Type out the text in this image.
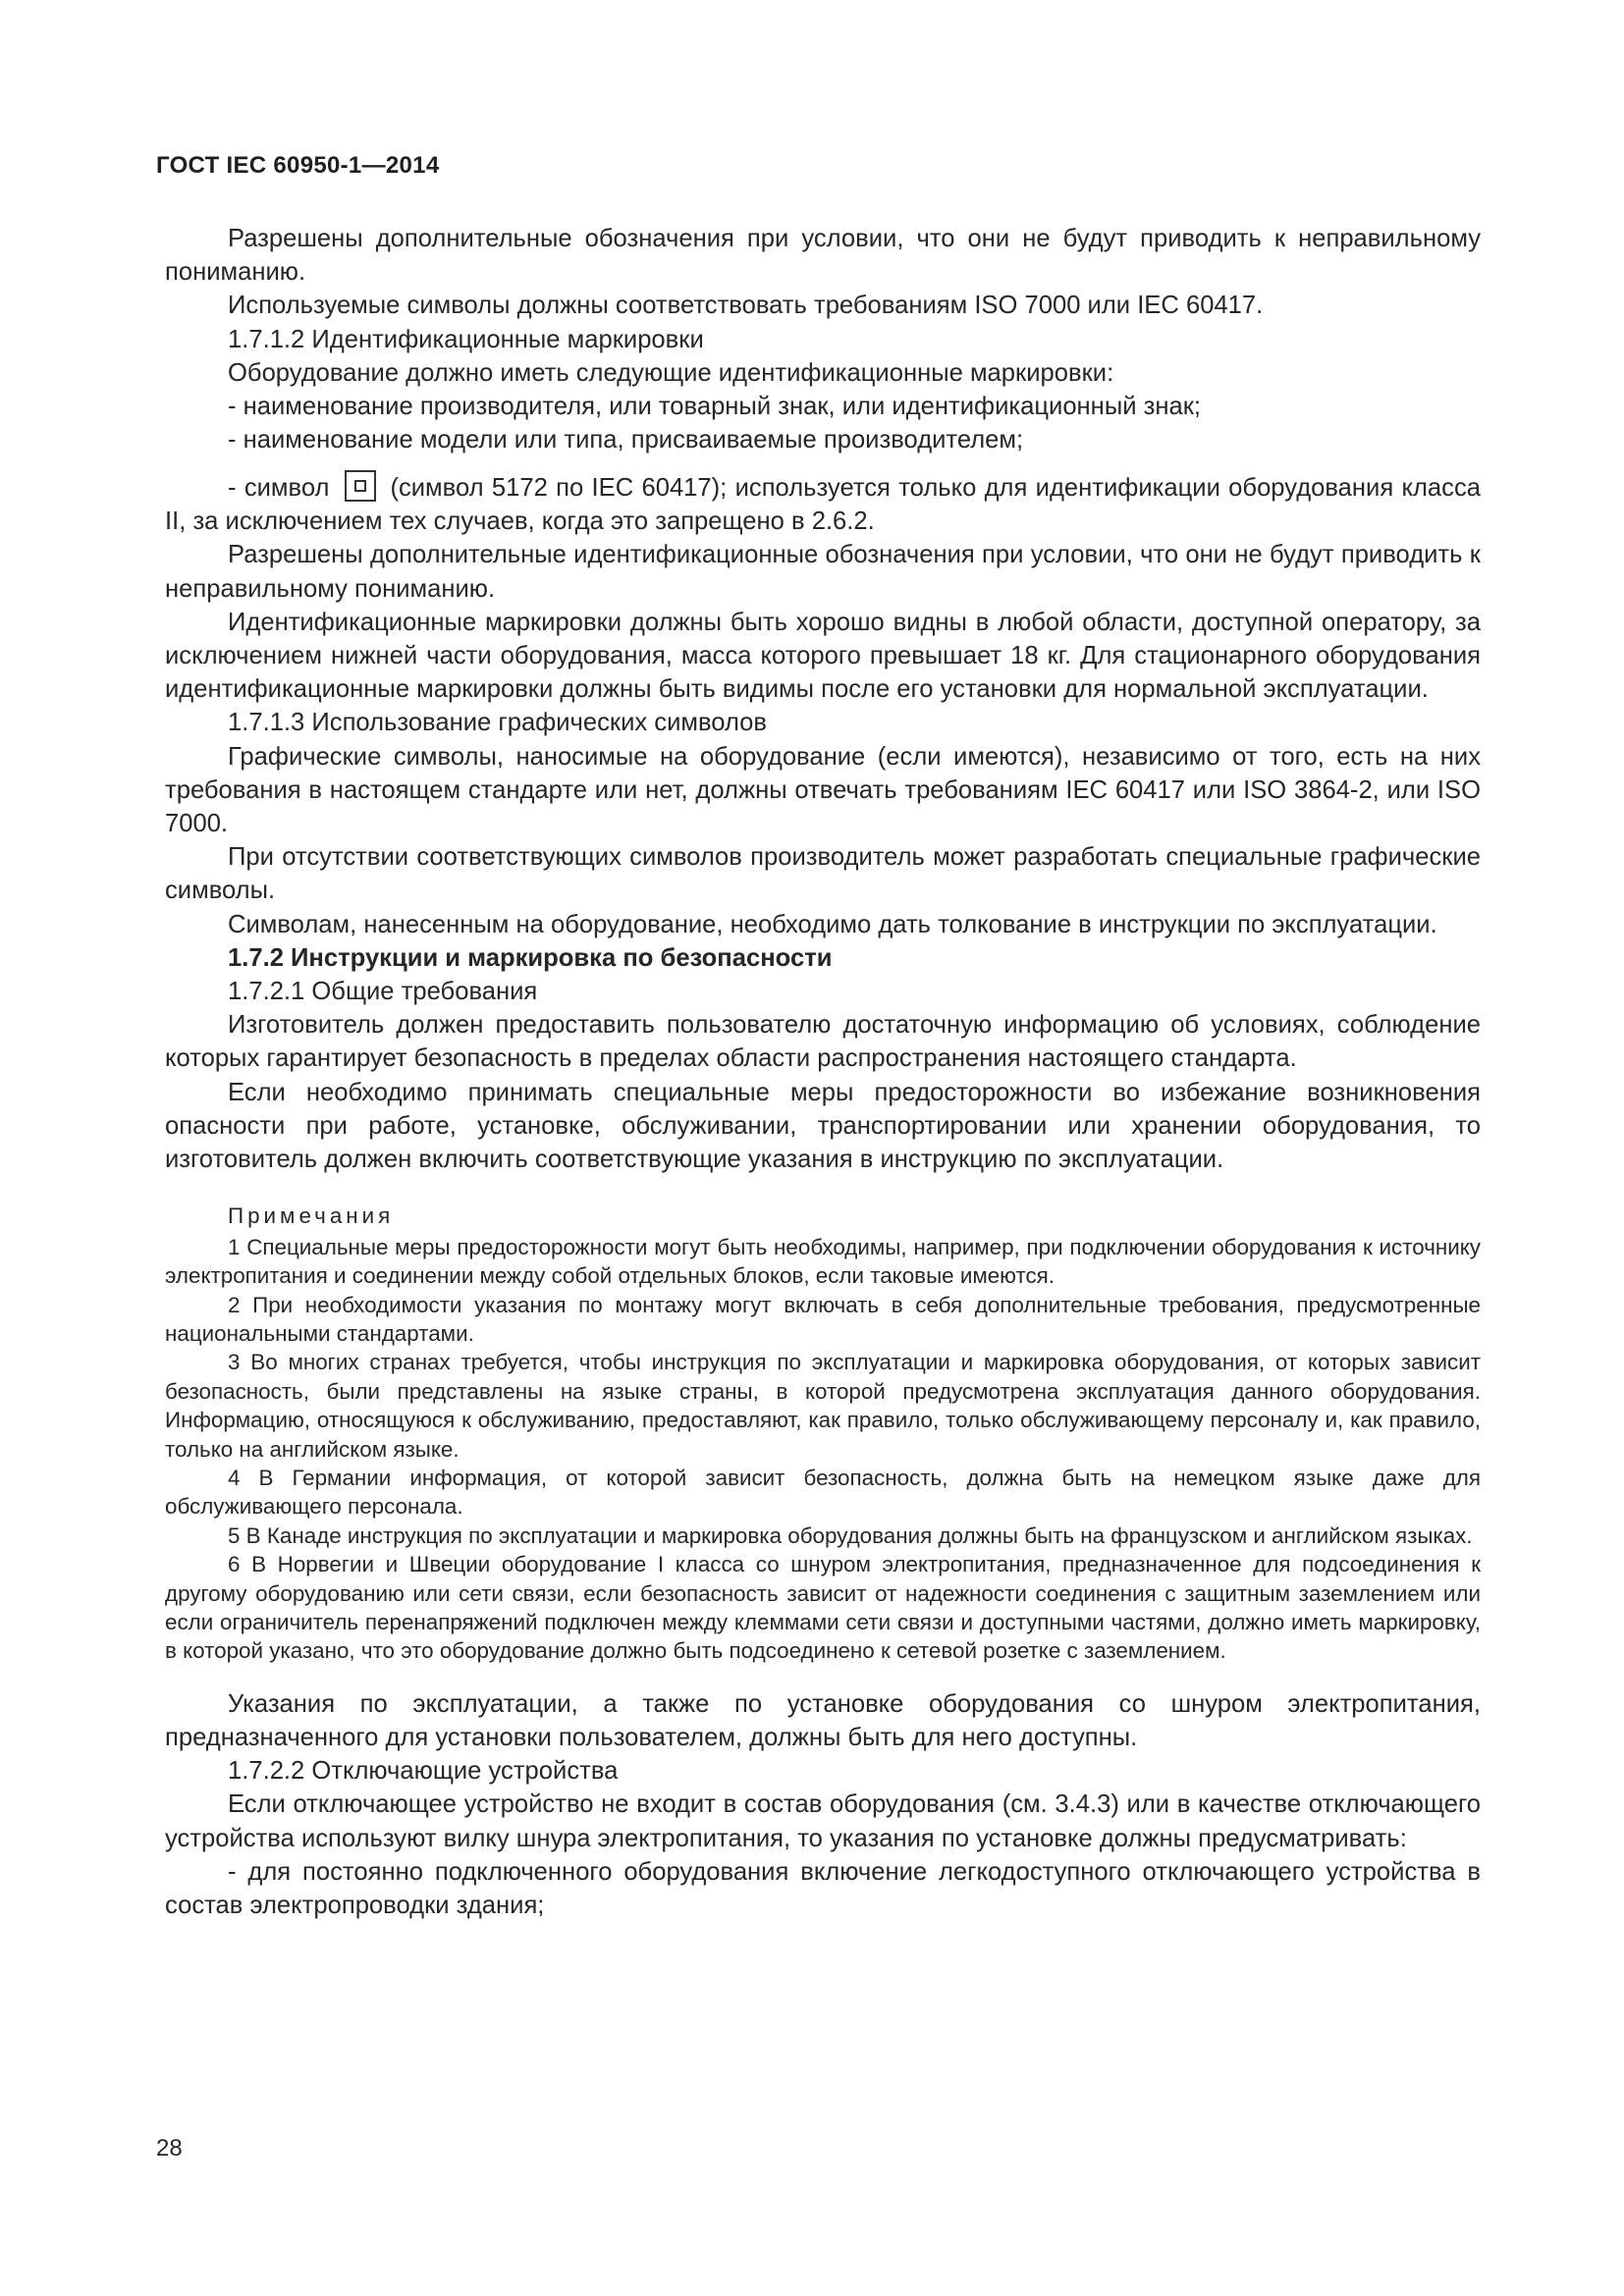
ГОСТ IEC 60950-1—2014

Разрешены дополнительные обозначения при условии, что они не будут приводить к неправильному пониманию.

Используемые символы должны соответствовать требованиям ISO 7000 или IEC 60417.

1.7.1.2 Идентификационные маркировки

Оборудование должно иметь следующие идентификационные маркировки:

- наименование производителя, или товарный знак, или идентификационный знак;

- наименование модели или типа, присваиваемые производителем;

- символ (символ 5172 по IEC 60417); используется только для идентификации оборудования класса II, за исключением тех случаев, когда это запрещено в 2.6.2.

Разрешены дополнительные идентификационные обозначения при условии, что они не будут приводить к неправильному пониманию.

Идентификационные маркировки должны быть хорошо видны в любой области, доступной оператору, за исключением нижней части оборудования, масса которого превышает 18 кг. Для стационарного оборудования идентификационные маркировки должны быть видимы после его установки для нормальной эксплуатации.

1.7.1.3 Использование графических символов

Графические символы, наносимые на оборудование (если имеются), независимо от того, есть на них требования в настоящем стандарте или нет, должны отвечать требованиям IEC 60417 или ISO 3864-2, или ISO 7000.

При отсутствии соответствующих символов производитель может разработать специальные графические символы.

Символам, нанесенным на оборудование, необходимо дать толкование в инструкции по эксплуатации.

1.7.2 Инструкции и маркировка по безопасности

1.7.2.1 Общие требования

Изготовитель должен предоставить пользователю достаточную информацию об условиях, соблюдение которых гарантирует безопасность в пределах области распространения настоящего стандарта.

Если необходимо принимать специальные меры предосторожности во избежание возникновения опасности при работе, установке, обслуживании, транспортировании или хранении оборудования, то изготовитель должен включить соответствующие указания в инструкцию по эксплуатации.

Примечания

1 Специальные меры предосторожности могут быть необходимы, например, при подключении оборудования к источнику электропитания и соединении между собой отдельных блоков, если таковые имеются.

2 При необходимости указания по монтажу могут включать в себя дополнительные требования, предусмотренные национальными стандартами.

3 Во многих странах требуется, чтобы инструкция по эксплуатации и маркировка оборудования, от которых зависит безопасность, были представлены на языке страны, в которой предусмотрена эксплуатация данного оборудования. Информацию, относящуюся к обслуживанию, предоставляют, как правило, только обслуживающему персоналу и, как правило, только на английском языке.

4 В Германии информация, от которой зависит безопасность, должна быть на немецком языке даже для обслуживающего персонала.

5 В Канаде инструкция по эксплуатации и маркировка оборудования должны быть на французском и английском языках.

6 В Норвегии и Швеции оборудование I класса со шнуром электропитания, предназначенное для подсоединения к другому оборудованию или сети связи, если безопасность зависит от надежности соединения с защитным заземлением или если ограничитель перенапряжений подключен между клеммами сети связи и доступными частями, должно иметь маркировку, в которой указано, что это оборудование должно быть подсоединено к сетевой розетке с заземлением.

Указания по эксплуатации, а также по установке оборудования со шнуром электропитания, предназначенного для установки пользователем, должны быть для него доступны.

1.7.2.2 Отключающие устройства

Если отключающее устройство не входит в состав оборудования (см. 3.4.3) или в качестве отключающего устройства используют вилку шнура электропитания, то указания по установке должны предусматривать:

- для постоянно подключенного оборудования включение легкодоступного отключающего устройства в состав электропроводки здания;

28
